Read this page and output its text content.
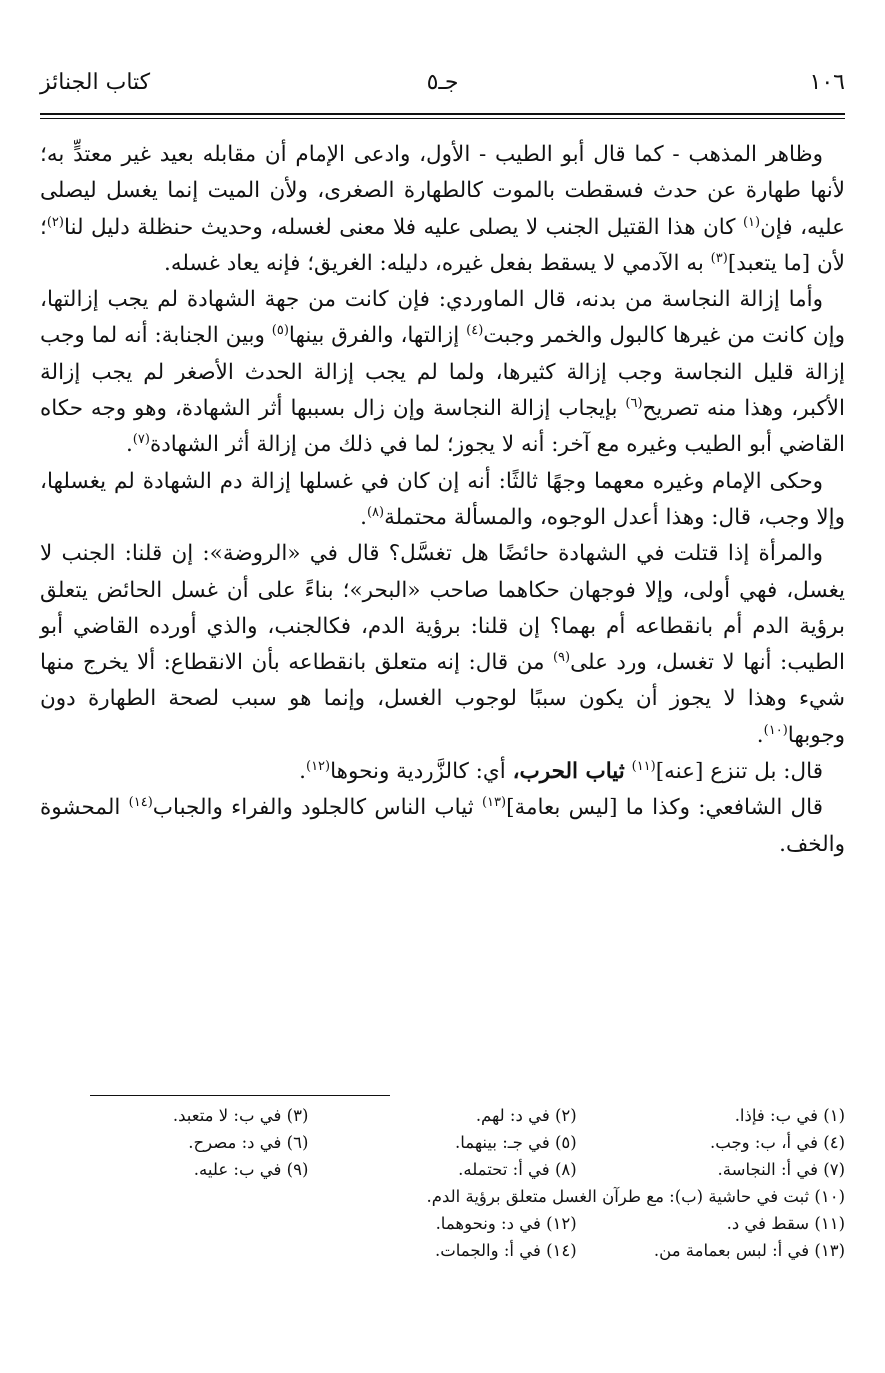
١٠٦
جـ٥
كتاب الجنائز

وظاهر المذهب - كما قال أبو الطيب - الأول، وادعى الإمام أن مقابله بعيد غير معتدٍّ به؛ لأنها طهارة عن حدث فسقطت بالموت كالطهارة الصغرى، ولأن الميت إنما يغسل ليصلى عليه، فإن$^{(١)}$ كان هذا القتيل الجنب لا يصلى عليه فلا معنى لغسله، وحديث حنظلة دليل لنا$^{(٢)}$؛ لأن [ما يتعبد]$^{(٣)}$ به الآدمي لا يسقط بفعل غيره، دليله: الغريق؛ فإنه يعاد غسله.

وأما إزالة النجاسة من بدنه، قال الماوردي: فإن كانت من جهة الشهادة لم يجب إزالتها، وإن كانت من غيرها كالبول والخمر وجبت$^{(٤)}$ إزالتها، والفرق بينها$^{(٥)}$ وبين الجنابة: أنه لما وجب إزالة قليل النجاسة وجب إزالة كثيرها، ولما لم يجب إزالة الحدث الأصغر لم يجب إزالة الأكبر، وهذا منه تصريح$^{(٦)}$ بإيجاب إزالة النجاسة وإن زال بسببها أثر الشهادة، وهو وجه حكاه القاضي أبو الطيب وغيره مع آخر: أنه لا يجوز؛ لما في ذلك من إزالة أثر الشهادة$^{(٧)}$.

وحكى الإمام وغيره معهما وجهًا ثالثًا: أنه إن كان في غسلها إزالة دم الشهادة لم يغسلها، وإلا وجب، قال: وهذا أعدل الوجوه، والمسألة محتملة$^{(٨)}$.

والمرأة إذا قتلت في الشهادة حائضًا هل تغسَّل؟ قال في «الروضة»: إن قلنا: الجنب لا يغسل، فهي أولى، وإلا فوجهان حكاهما صاحب «البحر»؛ بناءً على أن غسل الحائض يتعلق برؤية الدم أم بانقطاعه أم بهما؟ إن قلنا: برؤية الدم، فكالجنب، والذي أورده القاضي أبو الطيب: أنها لا تغسل، ورد على$^{(٩)}$ من قال: إنه متعلق بانقطاعه بأن الانقطاع: ألا يخرج منها شيء وهذا لا يجوز أن يكون سببًا لوجوب الغسل، وإنما هو سبب لصحة الطهارة دون وجوبها$^{(١٠)}$.

قال: بل تنزع [عنه]$^{(١١)}$ ثياب الحرب، أي: كالزَّردية ونحوها$^{(١٢)}$.

قال الشافعي: وكذا ما [ليس بعامة]$^{(١٣)}$ ثياب الناس كالجلود والفراء والجباب$^{(١٤)}$ المحشوة والخف.

(١) في ب: فإذا.
(٢) في د: لهم.
(٣) في ب: لا متعبد.
(٤) في أ، ب: وجب.
(٥) في جـ: بينهما.
(٦) في د: مصرح.
(٧) في أ: النجاسة.
(٨) في أ: تحتمله.
(٩) في ب: عليه.
(١٠) ثبت في حاشية (ب): مع طرآن الغسل متعلق برؤية الدم.
(١١) سقط في د.
(١٢) في د: ونحوهما.
(١٣) في أ: لبس بعمامة من.
(١٤) في أ: والجمات.
